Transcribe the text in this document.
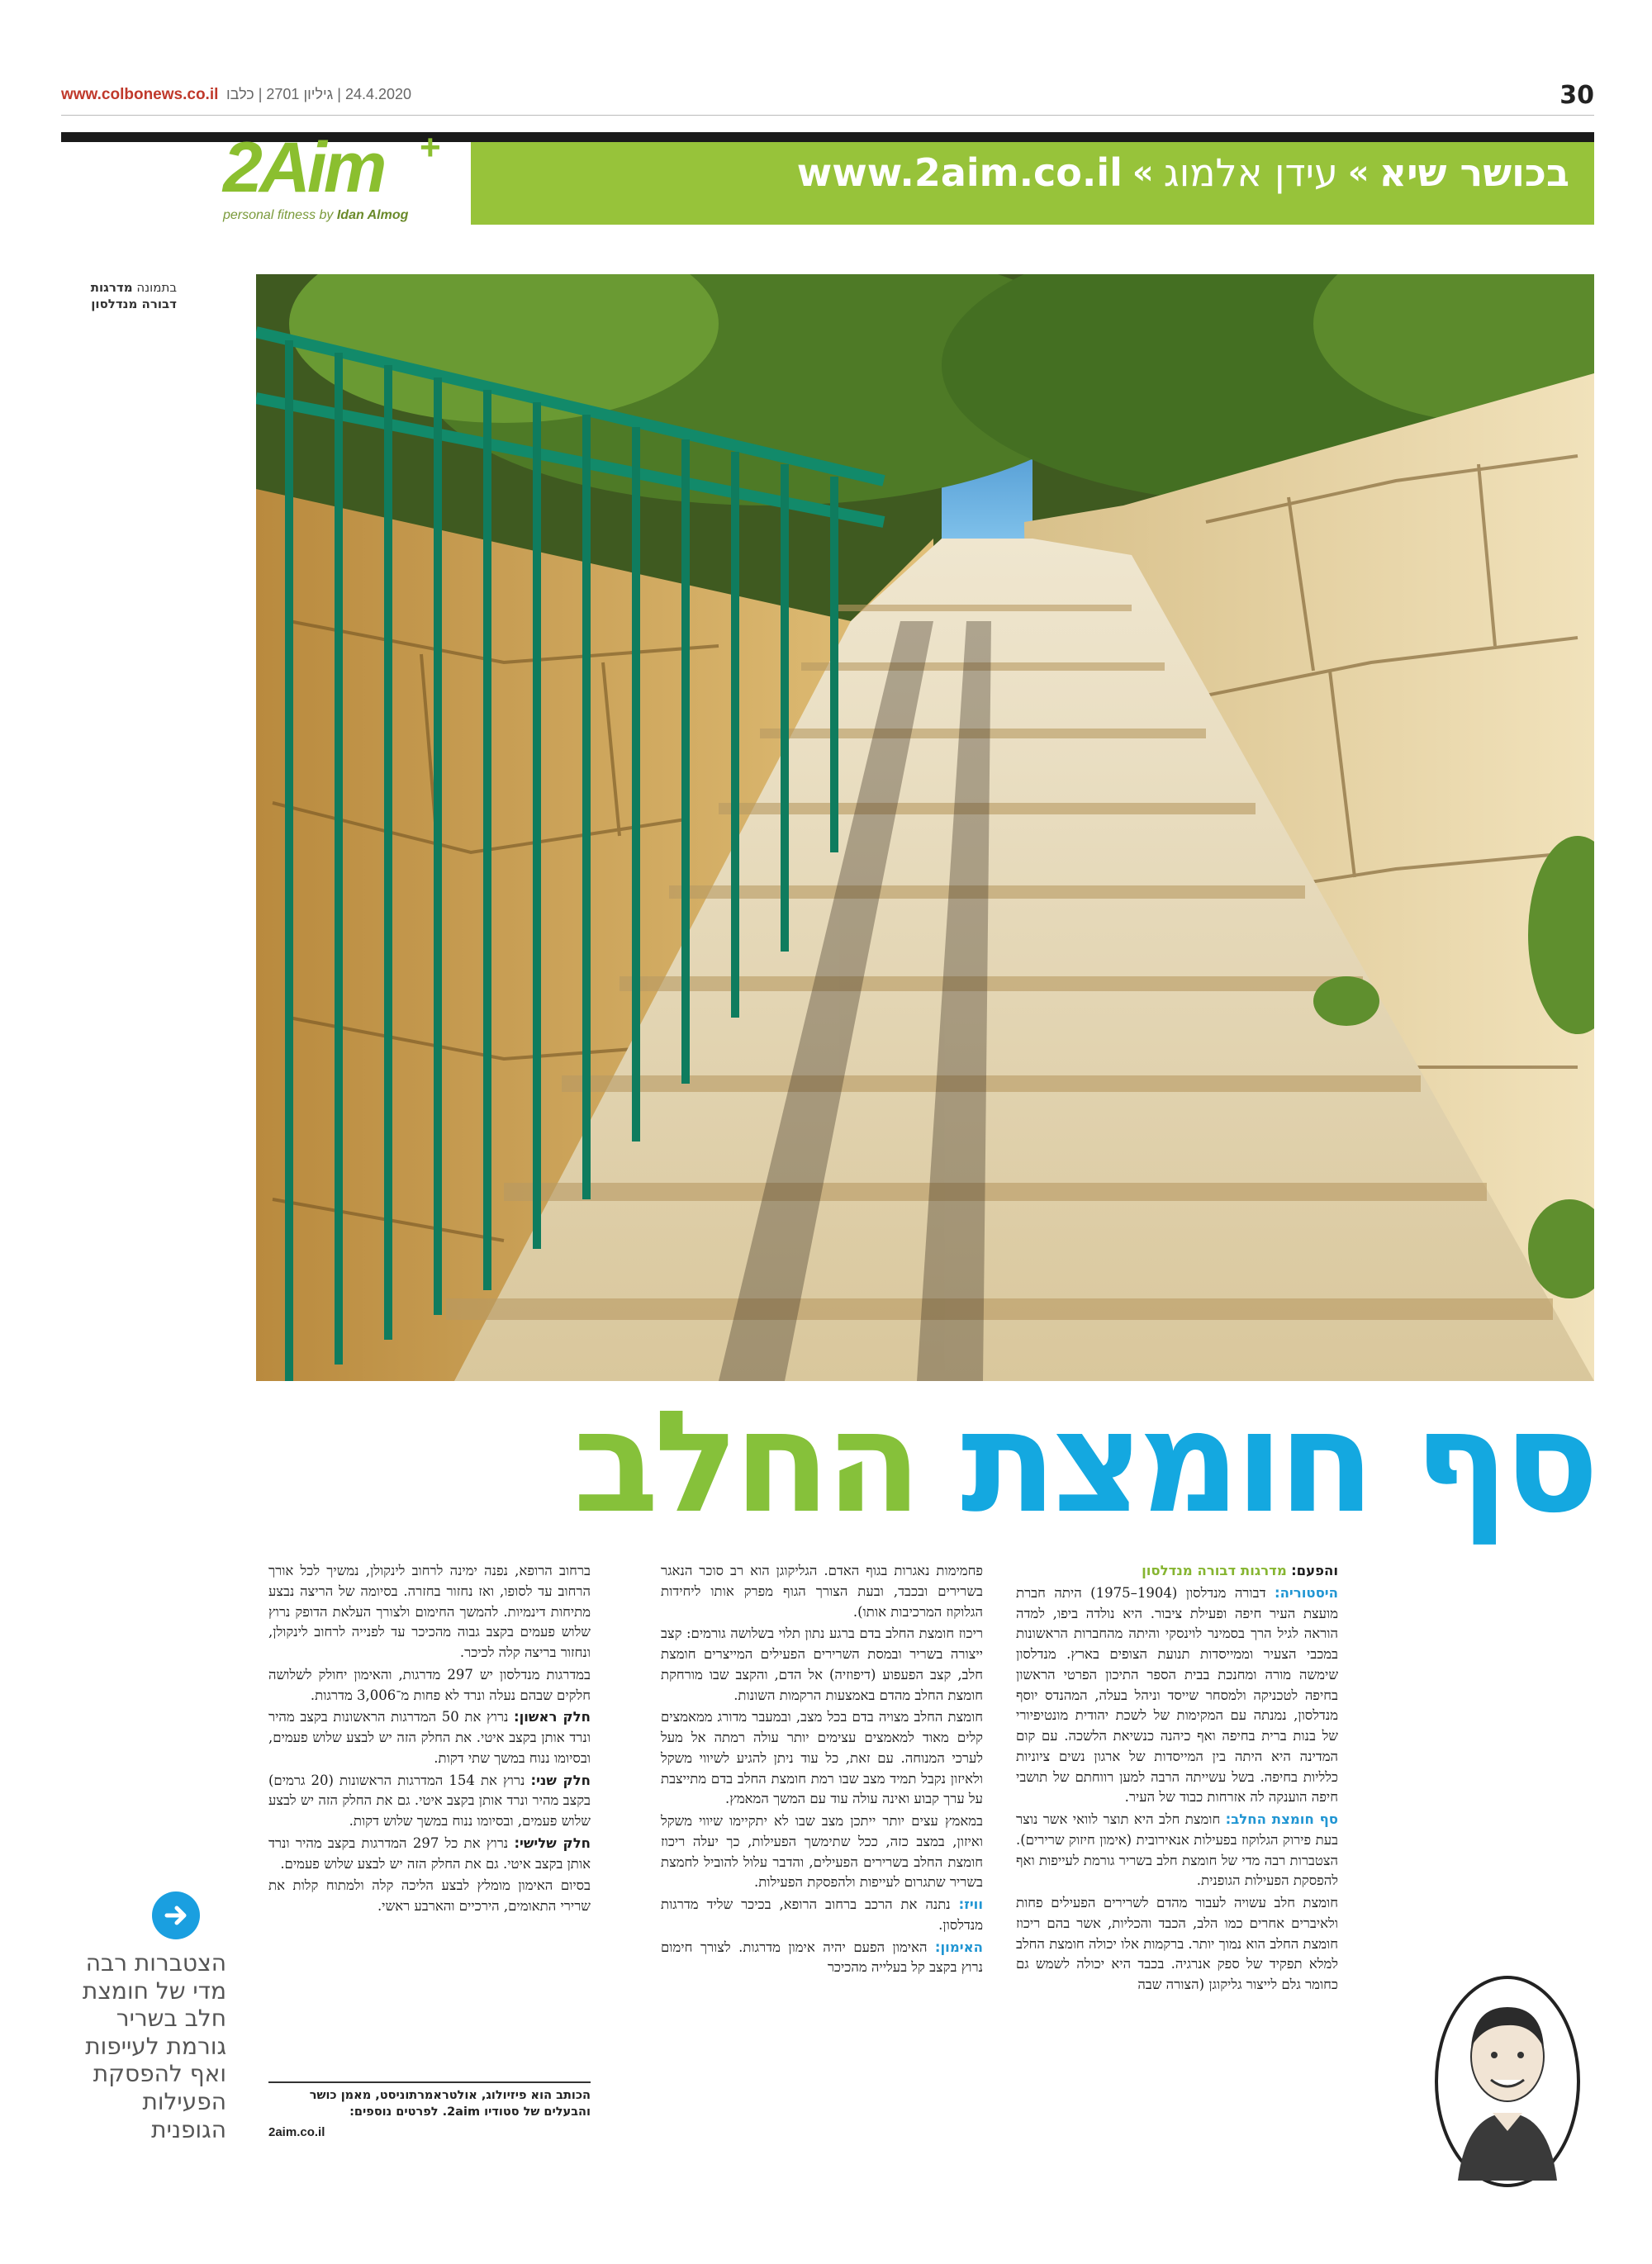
www.colbonews.co.il 24.4.2020 | גיליון 2701 | כלבו	30
www.2aim.co.il « עידן אלמוג « בכושר שיא
2Aim +
personal fitness by Idan Almog
בתמונה מדרגות דבורה מנדלסון
סף חומצת החלב

והפעם: מדרגות דבורה מנדלסון

היסטוריה: דבורה מנדלסון (1904–1975) היתה חברת מועצת העיר חיפה ופעילת ציבור. היא נולדה ביפו, למדה הוראה לגיל הרך בסמינר לוינסקי והיתה מהחברות הראשונות במכבי הצעיר וממייסדות תנועת הצופים בארץ. מנדלסון שימשה מורה ומחנכת בבית הספר התיכון הפרטי הראשון בחיפה לטכניקה ולמסחר שייסד וניהל בעלה, המהנדס יוסף מנדלסון, נמנתה עם המקימות של לשכת יהודית מונטיפיורי של בנות ברית בחיפה ואף כיהנה כנשיאת הלשכה. עם קום המדינה היא היתה בין המייסדות של ארגון נשים ציוניות כלליות בחיפה. בשל עשייתה הרבה למען רווחתם של תושבי חיפה הוענקה לה אזרחות כבוד של העיר.

סף חומצת החלב: חומצת חלב היא תוצר לוואי אשר נוצר בעת פירוק הגלוקוז בפעילות אנאירובית (אימון חיזוק שרירים). הצטברות רבה מדי של חומצת חלב בשריר גורמת לעייפות ואף להפסקת הפעילות הגופנית.

חומצת חלב עשויה לעבור מהדם לשרירים הפעילים פחות ולאיברים אחרים כמו הלב, הכבד והכליות, אשר בהם ריכוז חומצת החלב הוא נמוך יותר. ברקמות אלו יכולה חומצת החלב למלא תפקיד של ספק אנרגיה. בכבד היא יכולה לשמש גם כחומר גלם לייצור גליקוגן (הצורה שבה

פחמימות נאגרות בגוף האדם. הגליקוגן הוא רב סוכר הנאגר בשרירים ובכבד, ובעת הצורך הגוף מפרק אותו ליחידות הגלוקוז המרכיבות אותו).

ריכוז חומצת החלב בדם ברגע נתון תלוי בשלושה גורמים: קצב ייצורה בשריר ובמסת השרירים הפעילים המייצרים חומצת חלב, קצב הפעפוע (דיפוזיה) אל הדם, והקצב שבו מורחקת חומצת החלב מהדם באמצעות הרקמות השונות.

חומצת החלב מצויה בדם בכל מצב, ובמעבר מדורג ממאמצים קלים מאוד למאמצים עצימים יותר עולה רמתה אל מעל לערכי המנוחה. עם זאת, כל עוד ניתן להגיע לשיווי משקל ולאיזון נקבל תמיד מצב שבו רמת חומצת החלב בדם מתייצבת על ערך קבוע ואינה עולה עוד עם המשך המאמץ.

במאמץ עצים יותר ייתכן מצב שבו לא יתקיימו שיווי משקל ואיזון, במצב כזה, ככל שתימשך הפעילות, כך יעלה ריכוז חומצת החלב בשרירים הפעילים, והדבר עלול להוביל לחמצת בשריר שתגרום לעייפות ולהפסקת הפעילות.

וויז: נתנה את הרכב ברחוב הרופא, בכיכר שליד מדרגות מנדלסון.

האימון: האימון הפעם יהיה אימון מדרגות. לצורך חימום נרוץ בקצב קל בעלייה מהכיכר

ברחוב הרופא, נפנה ימינה לרחוב לינקולן, נמשיך לכל אורך הרחוב עד לסופו, ואז נחזור בחזרה. בסיומה של הריצה נבצע מתיחות דינמיות. להמשך החימום ולצורך העלאת הדופק נרוץ שלוש פעמים בקצב גבוה מהכיכר עד לפנייה לרחוב לינקולן, ונחזור בריצה קלה לכיכר.

במדרגות מנדלסון יש 297 מדרגות, והאימון יחולק לשלושה חלקים שבהם נעלה ונרד לא פחות מ־3,006 מדרגות.

חלק ראשון: נרוץ את 50 המדרגות הראשונות בקצב מהיר ונרד אותן בקצב איטי. את החלק הזה יש לבצע שלוש פעמים, ובסיומו ננוח במשך שתי דקות.

חלק שני: נרוץ את 154 המדרגות הראשונות (20 גרמים) בקצב מהיר ונרד אותן בקצב איטי. גם את החלק הזה יש לבצע שלוש פעמים, ובסיומו ננוח במשך שלוש דקות.

חלק שלישי: נרוץ את כל 297 המדרגות בקצב מהיר ונרד אותן בקצב איטי. גם את החלק הזה יש לבצע שלוש פעמים.

בסיום האימון מומלץ לבצע הליכה קלה ולמתוח קלות את שרירי התאומים, הירכיים והארבע ראשי.

הכותב הוא פיזיולוג, אולטראמרתוניסט, מאמן כושר והבעלים של סטודיו 2aim. לפרטים נוספים:
2aim.co.il
הצטברות רבה מדי של חומצת חלב בשריר גורמת לעייפות ואף להפסקת הפעילות הגופנית
